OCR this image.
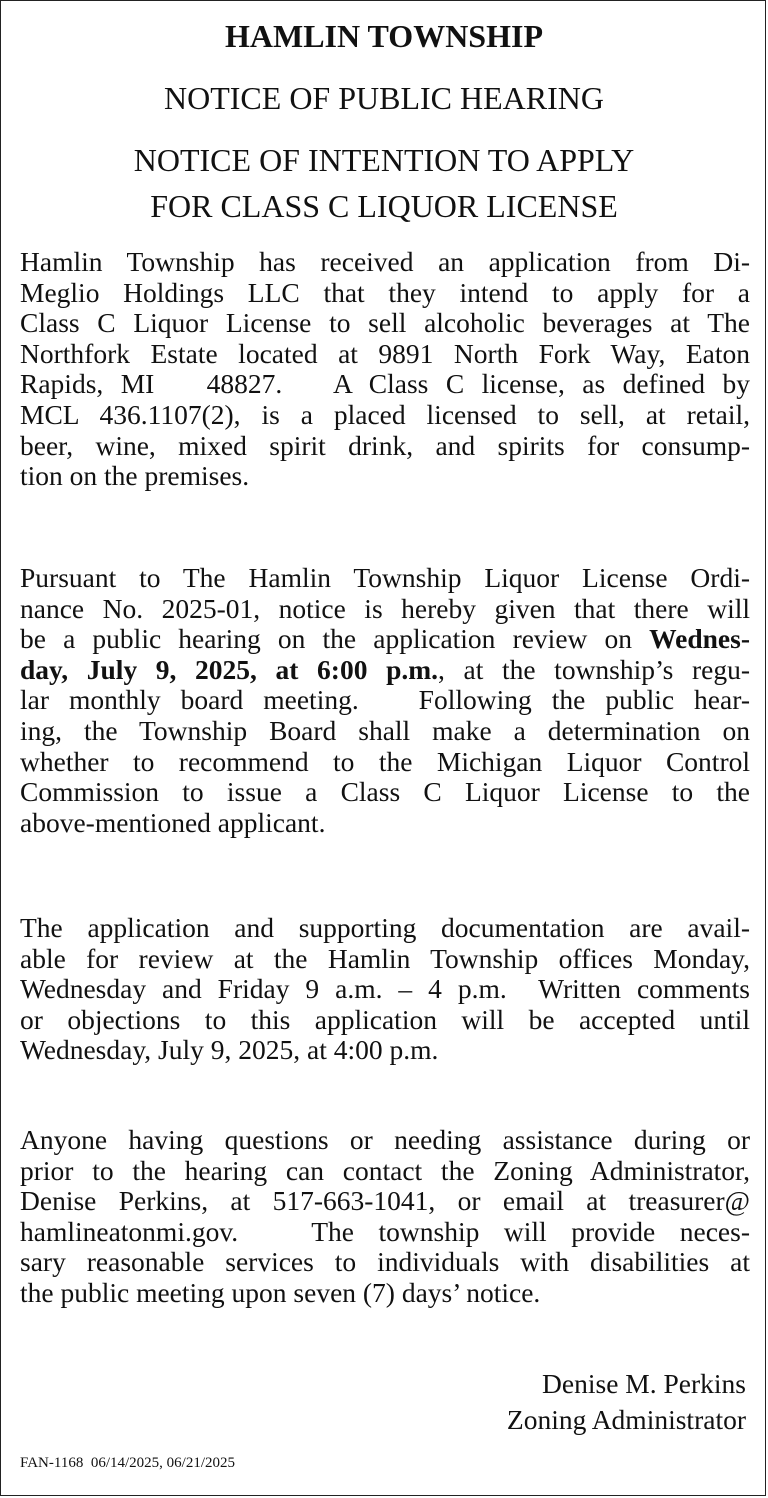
HAMLIN TOWNSHIP
NOTICE OF PUBLIC HEARING
NOTICE OF INTENTION TO APPLY
FOR CLASS C LIQUOR LICENSE

Hamlin Township has received an application from Di-
Meglio Holdings LLC that they intend to apply for a
Class C Liquor License to sell alcoholic beverages at The
Northfork Estate located at 9891 North Fork Way, Eaton
Rapids, MI   48827.   A Class C license, as defined by
MCL 436.1107(2), is a placed licensed to sell, at retail,
beer, wine, mixed spirit drink, and spirits for consump-
tion on the premises.

Pursuant to The Hamlin Township Liquor License Ordi-
nance No. 2025-01, notice is hereby given that there will
be a public hearing on the application review on Wednes-
day, July 9, 2025, at 6:00 p.m., at the township’s regu-
lar monthly board meeting.   Following the public hear-
ing, the Township Board shall make a determination on
whether to recommend to the Michigan Liquor Control
Commission to issue a Class C Liquor License to the
above-mentioned applicant.

The application and supporting documentation are avail-
able for review at the Hamlin Township offices Monday,
Wednesday and Friday 9 a.m. – 4 p.m.  Written comments
or objections to this application will be accepted until
Wednesday, July 9, 2025, at 4:00 p.m.

Anyone having questions or needing assistance during or
prior to the hearing can contact the Zoning Administrator,
Denise Perkins, at 517-663-1041, or email at treasurer@
hamlineatonmi.gov.   The township will provide neces-
sary reasonable services to individuals with disabilities at
the public meeting upon seven (7) days’ notice.

Denise M. Perkins

Zoning Administrator

FAN-1168  06/14/2025, 06/21/2025
